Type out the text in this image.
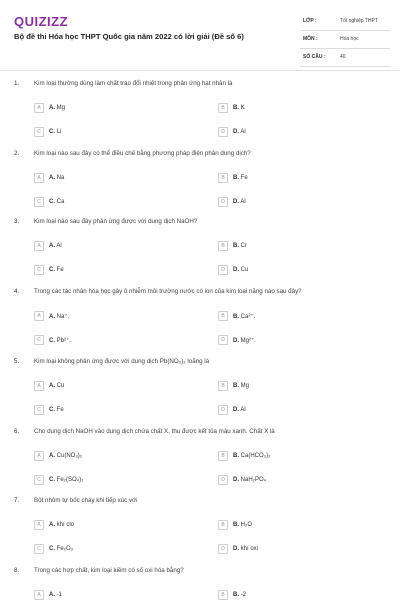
QUIZIZZ
Bộ đề thi Hóa học THPT Quốc gia năm 2022 có lời giải (Đề số 6)
LỚP :	Tốt nghiệp THPT
MÔN :	Hóa học
SỐ CÂU :	40
1. Kim loại thường dùng làm chất trao đổi nhiệt trong phản ứng hạt nhân là
A	A. Mg	B	B. K
C	C. Li	D	D. Al
2. Kim loại nào sau đây có thể điều chế bằng phương pháp điện phân dung dịch?
A	A. Na	B	B. Fe
C	C. Ca	D	D. Al
3. Kim loại nào sau đây phản ứng được với dung dịch NaOH?
A	A. Al	B	B. Cr
C	C. Fe	D	D. Cu
4. Trong các tác nhân hóa học gây ô nhiễm môi trường nước có ion của kim loại nặng nào sau đây?
A	A. Na⁺.	B	B. Ca²⁺.
C	C. Pb²⁺.	D	D. Mg²⁺.
5. Kim loại không phản ứng được với dung dịch Pb(NO₃)₂ loãng là
A	A. Cu	B	B. Mg
C	C. Fe	D	D. Al
6. Cho dung dịch NaOH vào dung dịch chứa chất X, thu được kết tủa màu xanh. Chất X là
A	A. Cu(NO₃)₂	B	B. Ca(HCO₃)₂
C	C. Fe₂(SO₄)₃	D	D. NaH₂PO₄
7. Bột nhôm tự bốc cháy khi tiếp xúc với
A	A. khí clo	B	B. H₂O
C	C. Fe₂O₃	D	D. khí oxi
8. Trong các hợp chất, kim loại kiềm có số oxi hóa bằng?
A	A. -1	B	B. -2
